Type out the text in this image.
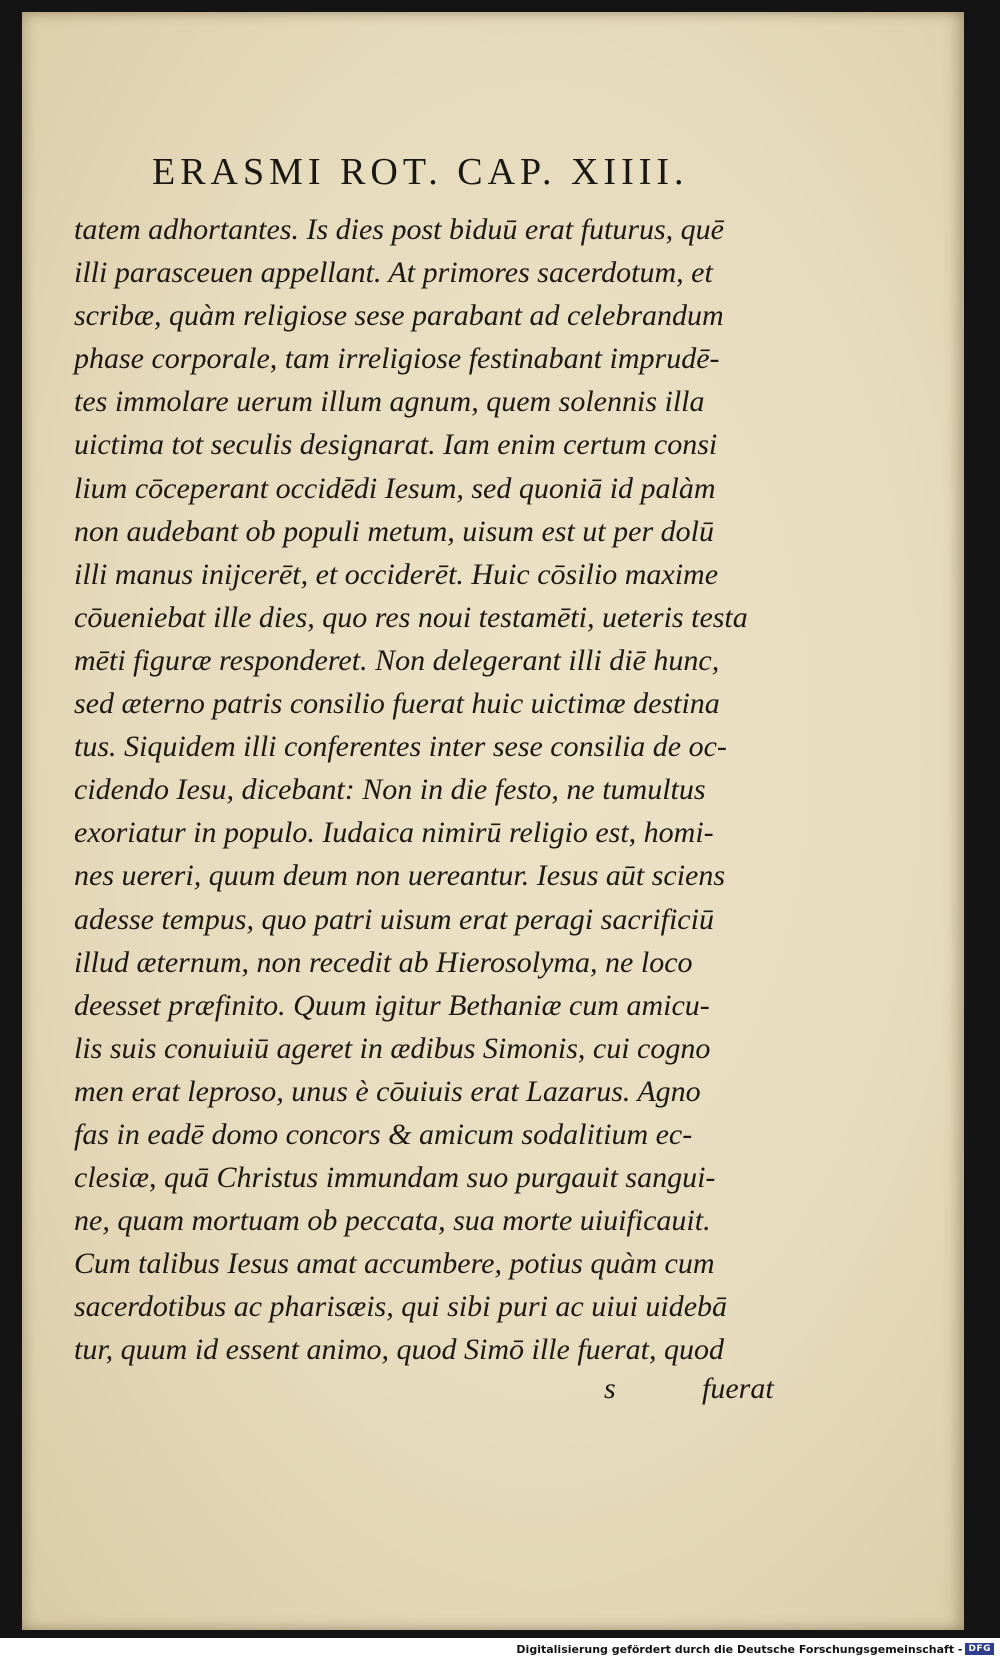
ERASMI ROT. CAP. XIIII.
tatem adhortantes. Is dies post biduū erat futurus, quē
illi parasceuen appellant. At primores sacerdotum, et
scribæ, quàm religiose sese parabant ad celebrandum
phase corporale, tam irreligiose festinabant imprudē-
tes immolare uerum illum agnum, quem solennis illa
uictima tot seculis designarat. Iam enim certum consi
lium cōceperant occidēdi Iesum, sed quoniā id palàm
non audebant ob populi metum, uisum est ut per dolū
illi manus inijcerēt, et occiderēt. Huic cōsilio maxime
cōueniebat ille dies, quo res noui testamēti, ueteris testa
mēti figuræ responderet. Non delegerant illi diē hunc,
sed æterno patris consilio fuerat huic uictimæ destina
tus. Siquidem illi conferentes inter sese consilia de oc-
cidendo Iesu, dicebant: Non in die festo, ne tumultus
exoriatur in populo. Iudaica nimirū religio est, homi-
nes uereri, quum deum non uereantur. Iesus aūt sciens
adesse tempus, quo patri uisum erat peragi sacrificiū
illud æternum, non recedit ab Hierosolyma, ne loco
deesset præfinito. Quum igitur Bethaniæ cum amicu-
lis suis conuiuiū ageret in ædibus Simonis, cui cogno
men erat leproso, unus è cōuiuis erat Lazarus. Agno
fas in eadē domo concors & amicum sodalitium ec-
clesiæ, quā Christus immundam suo purgauit sangui-
ne, quam mortuam ob peccata, sua morte uiuificauit.
Cum talibus Iesus amat accumbere, potius quàm cum
sacerdotibus ac pharisæis, qui sibi puri ac uiui uidebā
tur, quum id essent animo, quod Simō ille fuerat, quod
s	fuerat
Digitalisierung gefördert durch die Deutsche Forschungsgemeinschaft - DFG
